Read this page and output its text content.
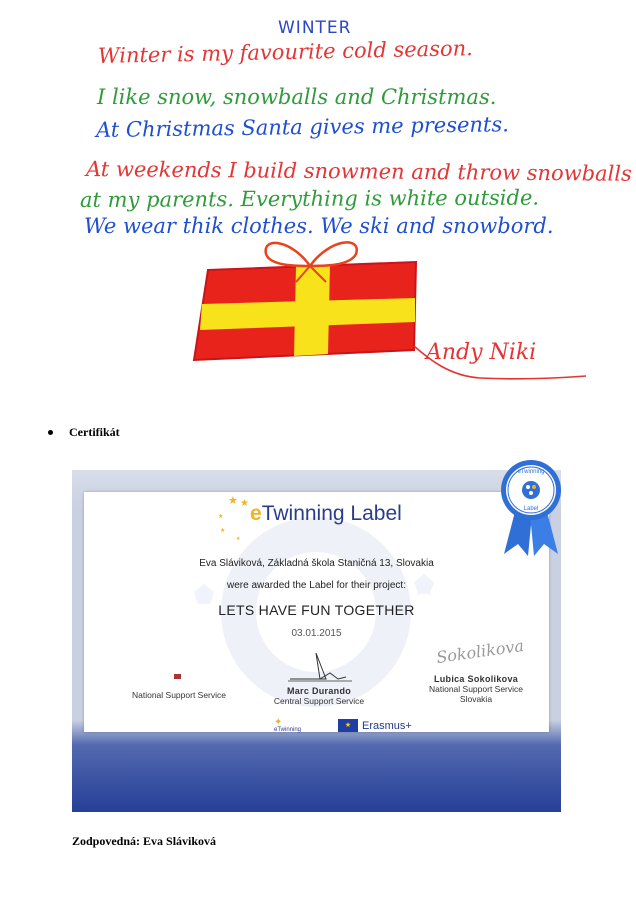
WINTER
Winter is my favourite cold season.
I like snow, snowballs and Christmas.
At Christmas Santa gives me presents.
At weekends I build snowmen and throw snowballs
at my parents. Everything is white outside.
We wear thik clothes. We ski and snowbord.
Andy Niki
Certifikát
★ ★
★
★
★
eTwinning Label
Eva Sláviková, Základná škola Staničná 13, Slovakia
were awarded the Label for their project:
LETS HAVE FUN TOGETHER
03.01.2015
National Support Service	Marc Durando
Central Support Service
Sokolikova
Lubica Sokolikova
National Support Service
Slovakia
✦
eTwinning
★ Erasmus+
eTwinning
Label
Zodpovedná: Eva Sláviková
